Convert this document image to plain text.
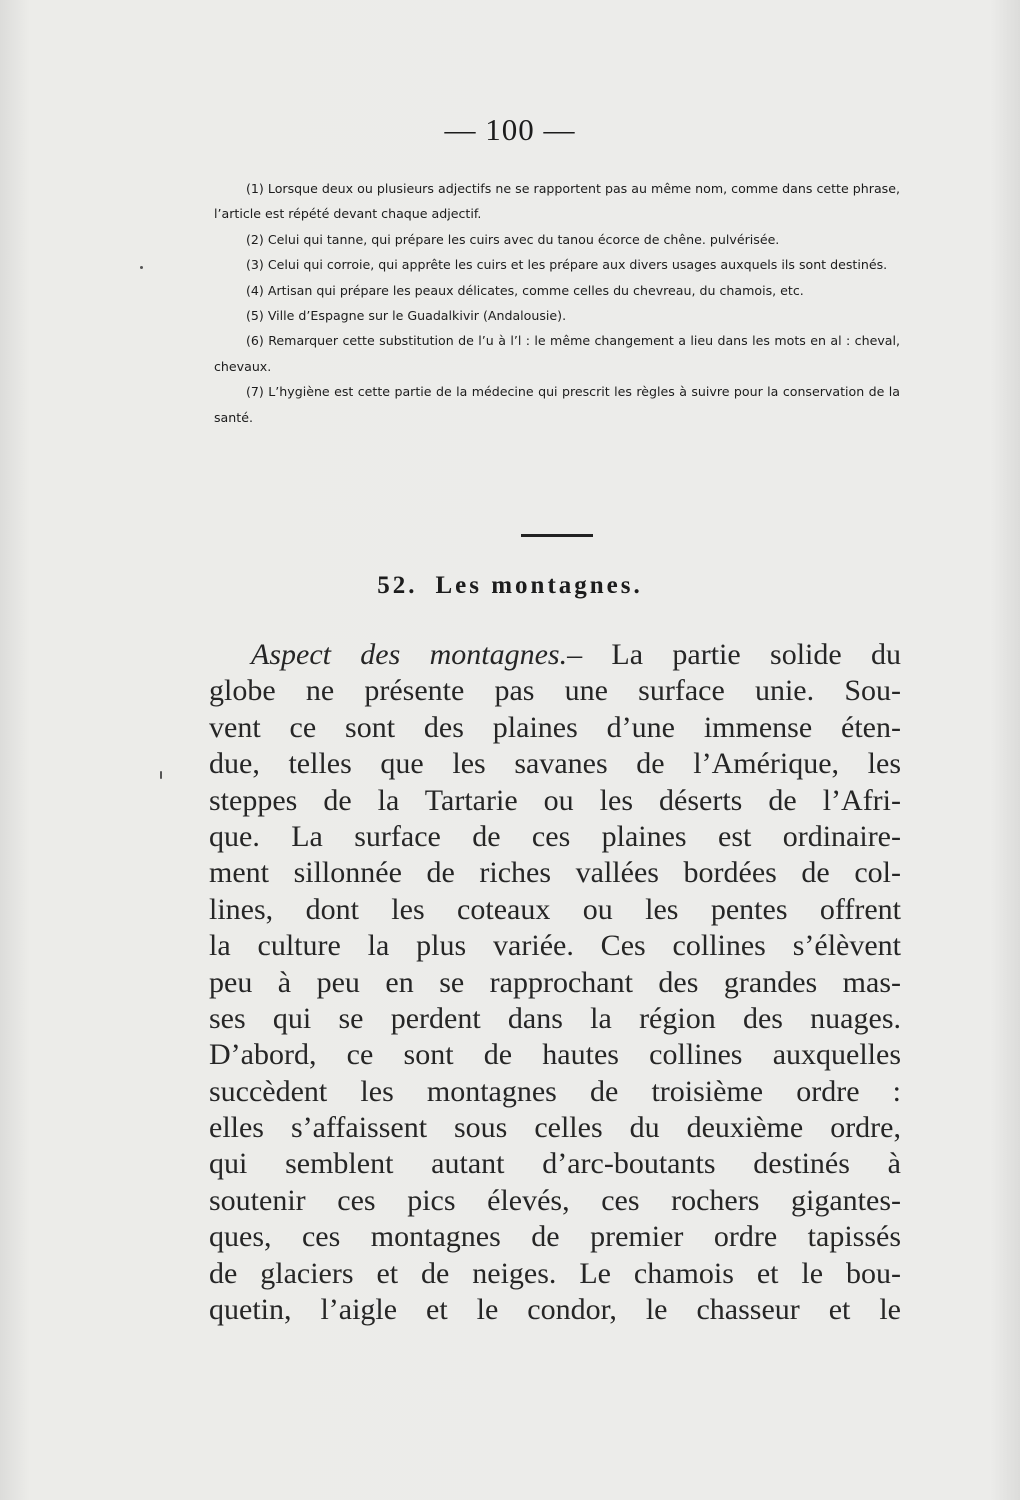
— 100 —

(1) Lorsque deux ou plusieurs adjectifs ne se rapportent pas au même nom, comme dans cette phrase, l’article est répété devant chaque adjectif.

(2) Celui qui tanne, qui prépare les cuirs avec du tanou écorce de chêne. pulvérisée.

(3) Celui qui corroie, qui apprête les cuirs et les prépare aux divers usages auxquels ils sont destinés.

(4) Artisan qui prépare les peaux délicates, comme celles du chevreau, du chamois, etc.

(5) Ville d’Espagne sur le Guadalkivir (Andalousie).

(6) Remarquer cette substitution de l’u à l’l : le même changement a lieu dans les mots en al : cheval, chevaux.

(7) L’hygiène est cette partie de la médecine qui prescrit les règles à suivre pour la conservation de la santé.

52. Les montagnes.
Aspect des montagnes.– La partie solide du
globe ne présente pas une surface unie. Sou-
vent ce sont des plaines d’une immense éten-
due, telles que les savanes de l’Amérique, les
steppes de la Tartarie ou les déserts de l’Afri-
que. La surface de ces plaines est ordinaire-
ment sillonnée de riches vallées bordées de col-
lines, dont les coteaux ou les pentes offrent
la culture la plus variée. Ces collines s’élèvent
peu à peu en se rapprochant des grandes mas-
ses qui se perdent dans la région des nuages.
D’abord, ce sont de hautes collines auxquelles
succèdent les montagnes de troisième ordre :
elles s’affaissent sous celles du deuxième ordre,
qui semblent autant d’arc-boutants destinés à
soutenir ces pics élevés, ces rochers gigantes-
ques, ces montagnes de premier ordre tapissés
de glaciers et de neiges. Le chamois et le bou-
quetin, l’aigle et le condor, le chasseur et le
